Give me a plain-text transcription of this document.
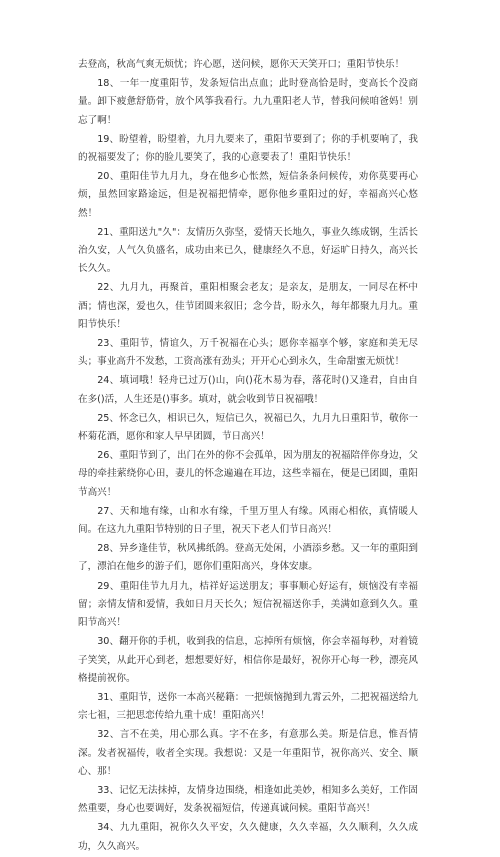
去登高，秋高气爽无烦忧；许心愿，送问候，愿你天天笑开口；重阳节快乐！

18、一年一度重阳节，发条短信出点血；此时登高恰是时，变高长个没商量。卸下疲惫舒筋骨，放个风筝我看行。九九重阳老人节，替我问候咱爸妈！别忘了啊！

19、盼望着，盼望着，九月九要来了，重阳节要到了；你的手机要响了，我的祝福要发了；你的脸儿要笑了，我的心意要表了！重阳节快乐！

20、重阳佳节九月九，身在他乡心怅然，短信条条问候传，劝你莫要再心烦，虽然回家路途远，但是祝福把情牵，愿你他乡重阳过的好，幸福高兴心悠然！

21、重阳送九"久"：友情历久弥坚，爱情天长地久，事业久练成钢，生活长治久安，人气久负盛名，成功由来已久，健康经久不息，好运旷日持久，高兴长长久久。

22、九月九，再聚首，重阳相聚会老友；是亲友，是朋友，一同尽在杯中酒；情也深，爱也久，佳节团圆来叙旧；念今昔，盼永久，每年都聚九月九。重阳节快乐！

23、重阳节，情谊久，万千祝福在心头；愿你幸福享个够，家庭和美无尽头；事业高升不发愁，工资高涨有劲头；开开心心到永久，生命甜蜜无烦忧！

24、填词哦！轻舟已过万()山，向()花木易为春，落花时()又逢君，自由自在多()活，人生还是()事多。填对，就会收到节日祝福哦！

25、怀念已久，相识已久，短信已久，祝福已久，九月九日重阳节，敬你一杯菊花酒，愿你和家人早早团圆，节日高兴！

26、重阳节到了，出门在外的你不会孤单，因为朋友的祝福陪伴你身边，父母的牵挂萦绕你心田，妻儿的怀念遍遍在耳边，这些幸福在，便是已团圆，重阳节高兴！

27、天和地有缘，山和水有缘，千里万里人有缘。风雨心相依，真情暖人间。在这九九重阳节特别的日子里，祝天下老人们节日高兴！

28、异乡逢佳节，秋风拂纸鸽。登高无处闲，小酒添乡愁。又一年的重阳到了，漂泊在他乡的游子们，愿你们重阳高兴，身体安康。

29、重阳佳节九月九，桔祥好运送朋友；事事顺心好运有，烦恼没有幸福留；亲情友情和爱情，我如日月天长久；短信祝福送你手，美满如意到久久。重阳节高兴！

30、翻开你的手机，收到我的信息，忘掉所有烦恼，你会幸福每秒，对着镜子笑笑，从此开心到老，想想要好好，相信你是最好，祝你开心每一秒，漂亮风格提前祝你。

31、重阳节，送你一本高兴秘籍：一把烦恼抛到九霄云外，二把祝福送给九宗七祖，三把思恋传给九重十成！重阳高兴！

32、言不在美，用心那么真。字不在多，有意那么美。斯是信息，惟吾情深。发者祝福传，收者全实现。我想说：又是一年重阳节，祝你高兴、安全、顺心、那！

33、记忆无法抹掉，友情身边围绕，相逢如此美妙，相知多么美好，工作固然重要，身心也要调好，发条祝福短信，传递真诚问候。重阳节高兴！

34、九九重阳，祝你久久平安，久久健康，久久幸福，久久顺利，久久成功，久久高兴。
